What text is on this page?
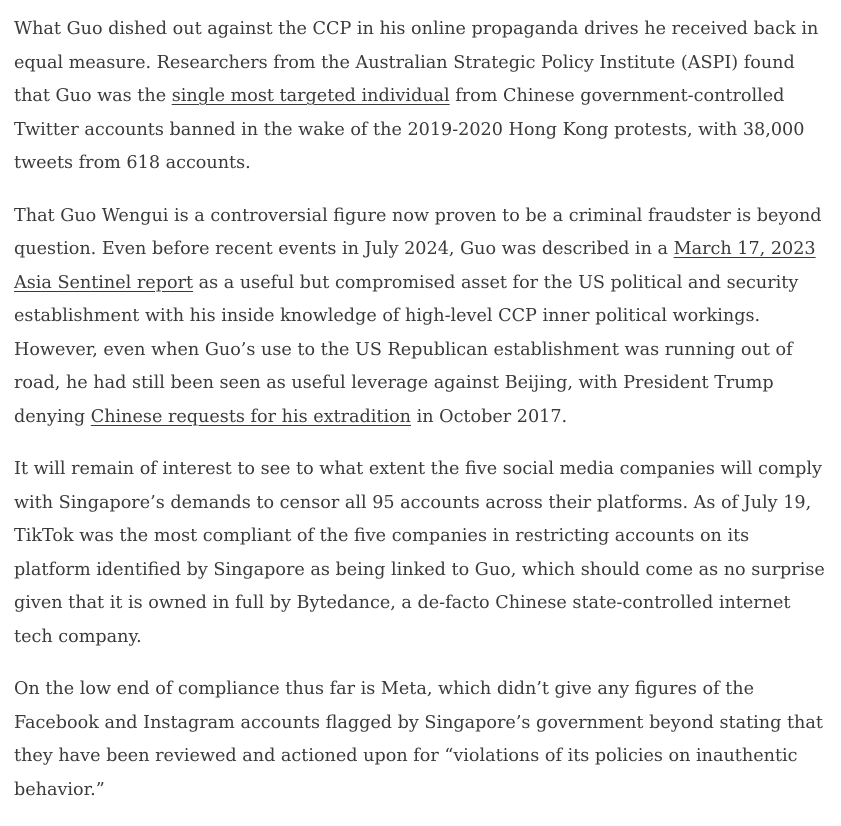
What Guo dished out against the CCP in his online propaganda drives he received back in equal measure. Researchers from the Australian Strategic Policy Institute (ASPI) found that Guo was the single most targeted individual from Chinese government-controlled Twitter accounts banned in the wake of the 2019-2020 Hong Kong protests, with 38,000 tweets from 618 accounts.

That Guo Wengui is a controversial figure now proven to be a criminal fraudster is beyond question. Even before recent events in July 2024, Guo was described in a March 17, 2023 Asia Sentinel report as a useful but compromised asset for the US political and security establishment with his inside knowledge of high-level CCP inner political workings. However, even when Guo’s use to the US Republican establishment was running out of road, he had still been seen as useful leverage against Beijing, with President Trump denying Chinese requests for his extradition in October 2017.

It will remain of interest to see to what extent the five social media companies will comply with Singapore’s demands to censor all 95 accounts across their platforms. As of July 19, TikTok was the most compliant of the five companies in restricting accounts on its platform identified by Singapore as being linked to Guo, which should come as no surprise given that it is owned in full by Bytedance, a de-facto Chinese state-controlled internet tech company.

On the low end of compliance thus far is Meta, which didn’t give any figures of the Facebook and Instagram accounts flagged by Singapore’s government beyond stating that they have been reviewed and actioned upon for “violations of its policies on inauthentic behavior.”
